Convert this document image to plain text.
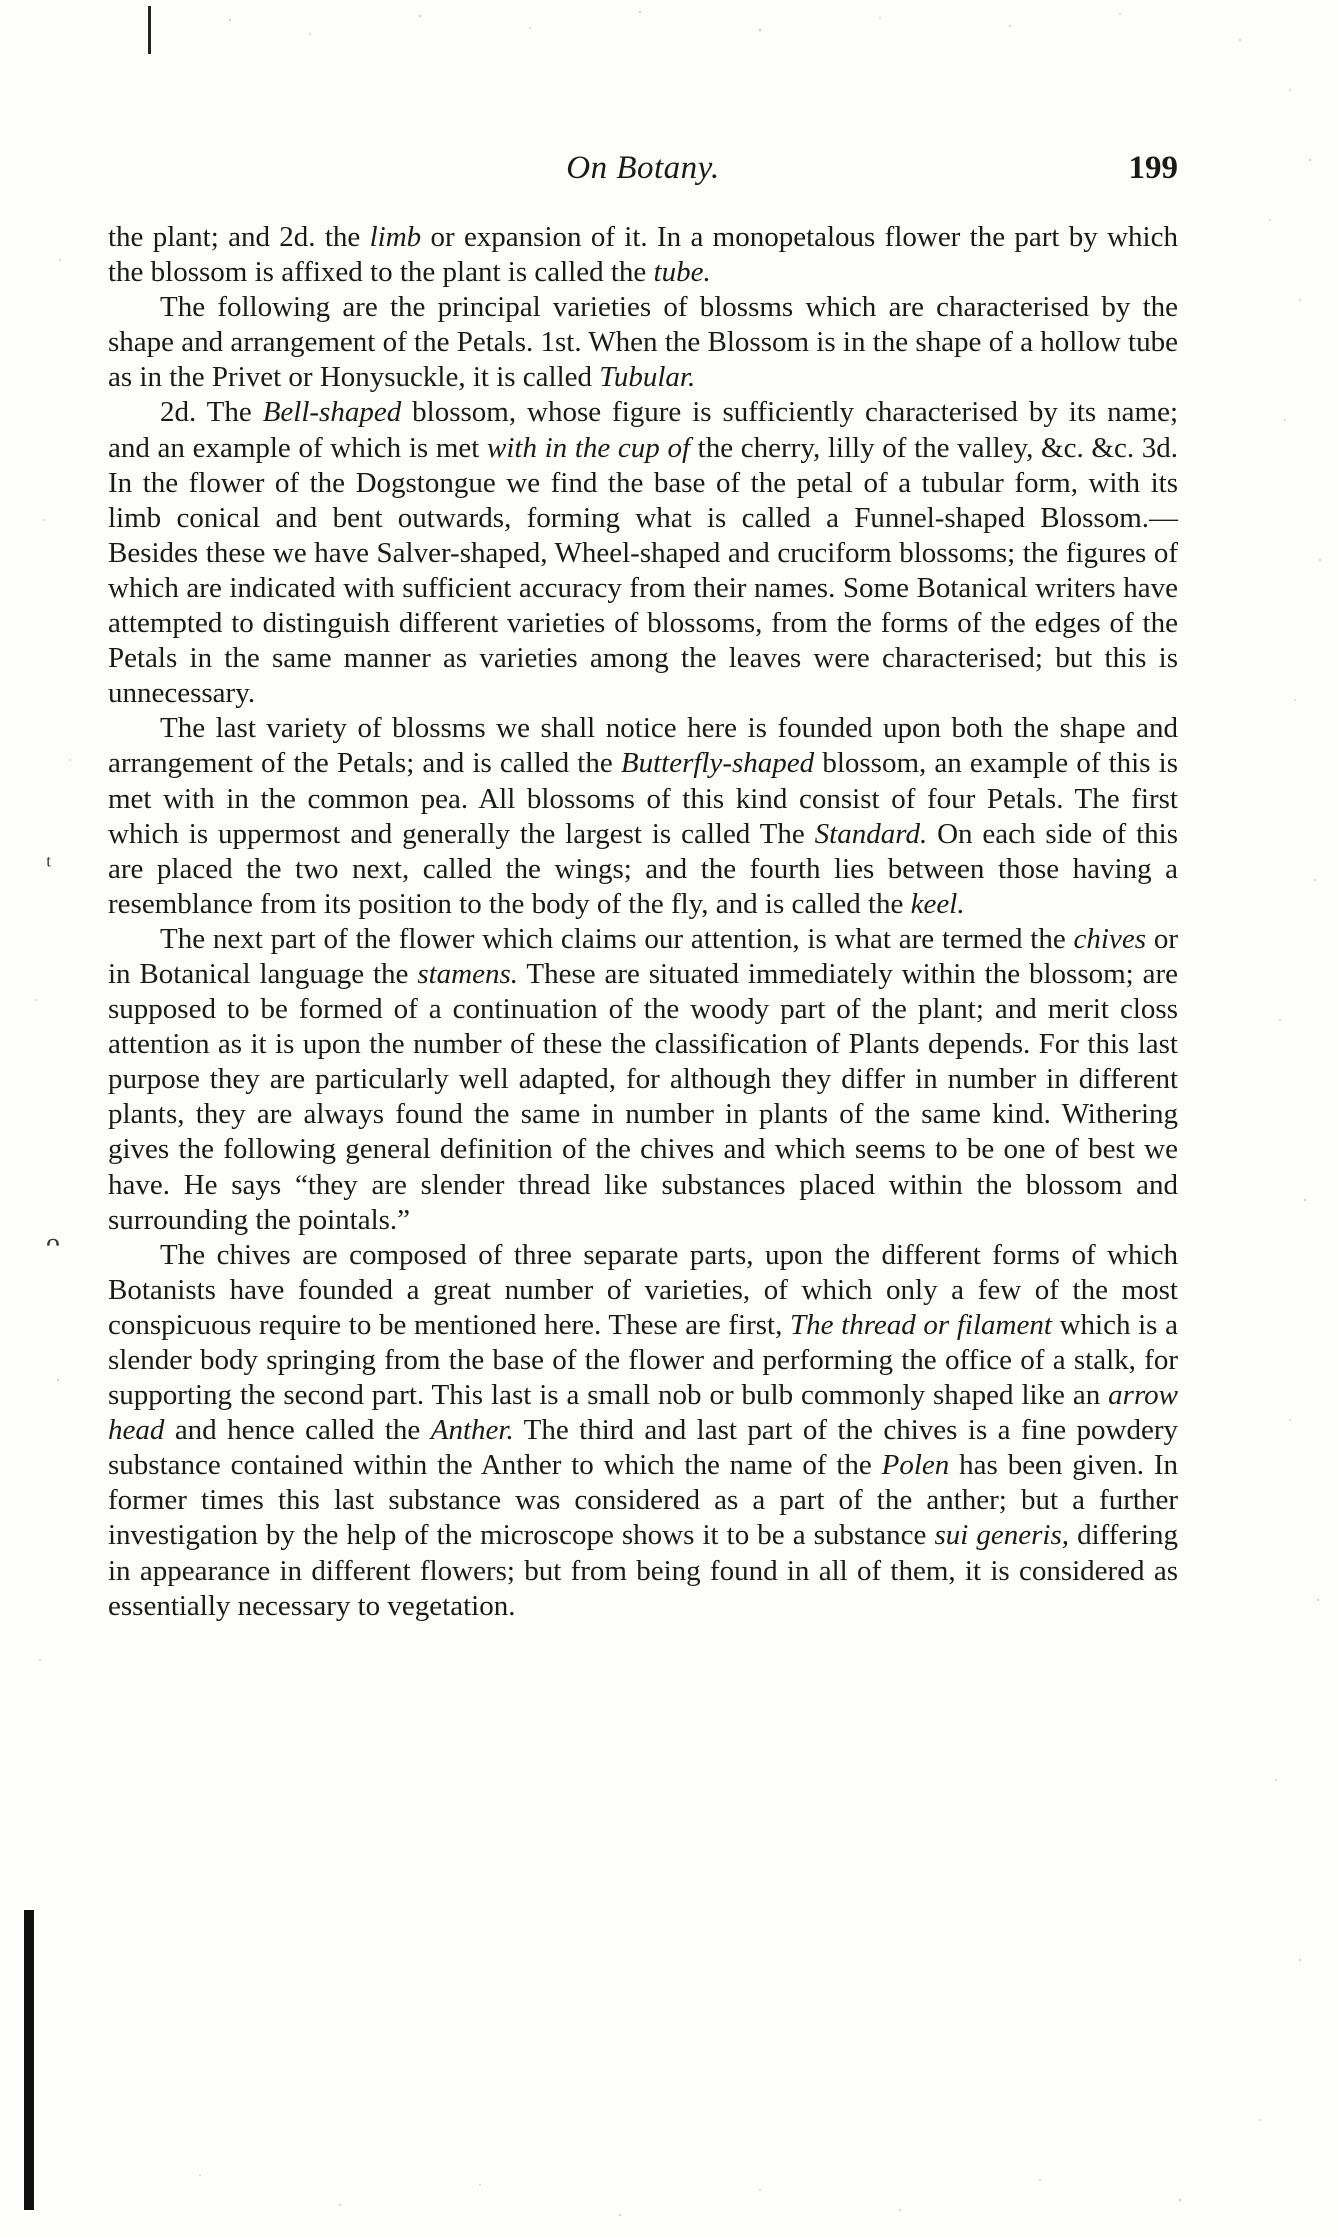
ᵗ
ᴖ
On Botany.	199

the plant; and 2d. the limb or expansion of it. In a monopetalous flower the part by which the blossom is affixed to the plant is called the tube.

The following are the principal varieties of blossms which are characterised by the shape and arrangement of the Petals. 1st. When the Blossom is in the shape of a hollow tube as in the Privet or Honysuckle, it is called Tubular.

2d. The Bell-shaped blossom, whose figure is sufficiently characterised by its name; and an example of which is met with in the cup of the cherry, lilly of the valley, &c. &c. 3d. In the flower of the Dogstongue we find the base of the petal of a tubular form, with its limb conical and bent outwards, forming what is called a Funnel-shaped Blossom.—Besides these we have Salver-shaped, Wheel-shaped and cruciform blossoms; the figures of which are indicated with sufficient accuracy from their names. Some Botanical writers have attempted to distinguish different varieties of blossoms, from the forms of the edges of the Petals in the same manner as varieties among the leaves were characterised; but this is unnecessary.

The last variety of blossms we shall notice here is founded upon both the shape and arrangement of the Petals; and is called the Butterfly-shaped blossom, an example of this is met with in the common pea. All blossoms of this kind consist of four Petals. The first which is uppermost and generally the largest is called The Standard. On each side of this are placed the two next, called the wings; and the fourth lies between those having a resemblance from its position to the body of the fly, and is called the keel.

The next part of the flower which claims our attention, is what are termed the chives or in Botanical language the stamens. These are situated immediately within the blossom; are supposed to be formed of a continuation of the woody part of the plant; and merit closs attention as it is upon the number of these the classification of Plants depends. For this last purpose they are particularly well adapted, for although they differ in number in different plants, they are always found the same in number in plants of the same kind. Withering gives the following general definition of the chives and which seems to be one of best we have. He says “they are slender thread like substances placed within the blossom and surrounding the pointals.”

The chives are composed of three separate parts, upon the different forms of which Botanists have founded a great number of varieties, of which only a few of the most conspicuous require to be mentioned here. These are first, The thread or filament which is a slender body springing from the base of the flower and performing the office of a stalk, for supporting the second part. This last is a small nob or bulb commonly shaped like an arrow head and hence called the Anther. The third and last part of the chives is a fine powdery substance contained within the Anther to which the name of the Polen has been given. In former times this last substance was considered as a part of the anther; but a further investigation by the help of the microscope shows it to be a substance sui generis, differing in appearance in different flowers; but from being found in all of them, it is considered as essentially necessary to vegetation.
